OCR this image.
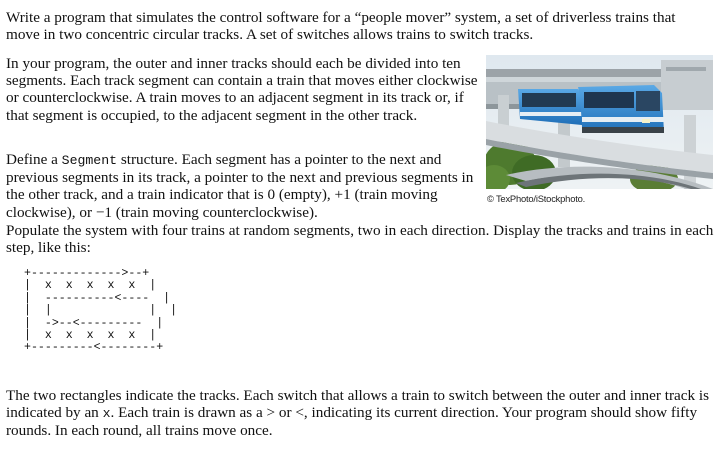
Write a program that simulates the control software for a “people mover” system, a set of driverless trains that move in two concentric circular tracks. A set of switches allows trains to switch tracks.

In your program, the outer and inner tracks should each be divided into ten segments. Each track segment can contain a train that moves either clockwise or counterclockwise. A train moves to an adjacent segment in its track or, if that segment is occupied, to the adjacent segment in the other track.

Define a Segment structure. Each segment has a pointer to the next and previous segments in its track, a pointer to the next and previous segments in the other track, and a train indicator that is 0 (empty), +1 (train moving clockwise), or −1 (train moving counterclockwise).

Populate the system with four trains at random segments, two in each direction. Display the tracks and trains in each step, like this:

+------------->--+
|  x  x  x  x  x  |
|  ----------<----  |
|  |              |  |
|  ->--<---------  |
|  x  x  x  x  x  |
+---------<--------+

The two rectangles indicate the tracks. Each switch that allows a train to switch between the outer and inner track is indicated by an x. Each train is drawn as a > or <, indicating its current direction. Your program should show fifty rounds. In each round, all trains move once.

© TexPhoto/iStockphoto.
